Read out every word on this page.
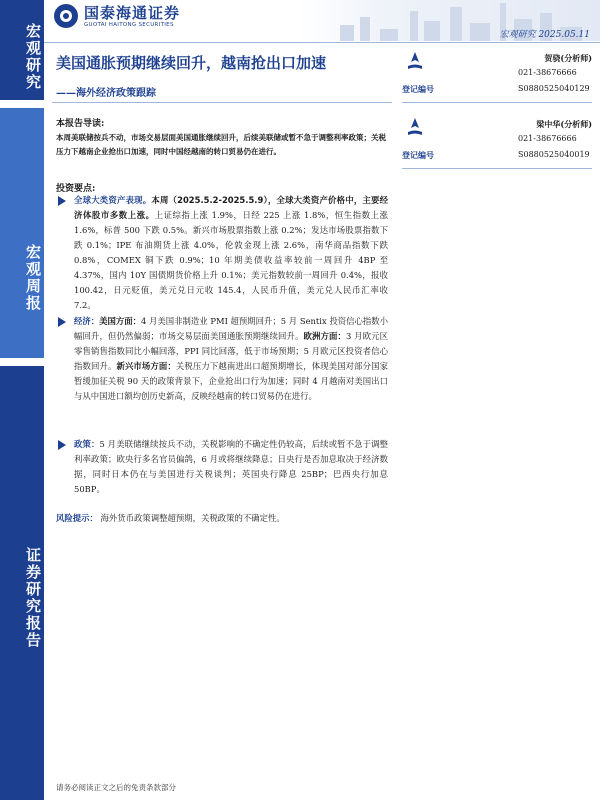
宏观研究
宏观周报
证券研究报告
国泰海通证券
GUOTAI HAITONG SECURITIES
宏观研究 2025.05.11
美国通胀预期继续回升，越南抢出口加速
——海外经济政策跟踪
贺骁(分析师)
021-38676666
登记编号	S0880525040129
梁中华(分析师)
021-38676666
登记编号	S0880525040019
本报告导读:
本周美联储按兵不动，市场交易层面美国通胀继续回升，后续美联储或暂不急于调整利率政策；关税压力下越南企业抢出口加速，同时中国经越南的转口贸易仍在进行。
投资要点:
全球大类资产表现。本周（2025.5.2-2025.5.9），全球大类资产价格中，主要经济体股市多数上涨。上证综指上涨 1.9%，日经 225 上涨 1.8%，恒生指数上涨 1.6%，标普 500 下跌 0.5%。新兴市场股票指数上涨 0.2%；发达市场股票指数下跌 0.1%；IPE 布油期货上涨 4.0%，伦敦金现上涨 2.6%，南华商品指数下跌 0.8%，COMEX 铜下跌 0.9%；10 年期美债收益率较前一周回升 4BP 至 4.37%，国内 10Y 国债期货价格上升 0.1%；美元指数较前一周回升 0.4%，报收 100.42，日元贬值，美元兑日元收 145.4，人民币升值，美元兑人民币汇率收 7.2。
经济：美国方面：4 月美国非制造业 PMI 超预期回升；5 月 Sentix 投资信心指数小幅回升，但仍然偏弱；市场交易层面美国通胀预期继续回升。欧洲方面：3 月欧元区零售销售指数同比小幅回落，PPI 同比回落，低于市场预期；5 月欧元区投资者信心指数回升。新兴市场方面：关税压力下越南进出口超预期增长，体现美国对部分国家暂缓加征关税 90 天的政策背景下，企业抢出口行为加速；同时 4 月越南对美国出口与从中国进口额均创历史新高，反映经越南的转口贸易仍在进行。
政策：5 月美联储继续按兵不动，关税影响的不确定性仍较高，后续或暂不急于调整利率政策；欧央行多名官员偏鸽，6 月或将继续降息；日央行是否加息取决于经济数据，同时日本仍在与美国进行关税谈判；英国央行降息 25BP；巴西央行加息 50BP。
风险提示： 海外货币政策调整超预期，关税政策的不确定性。
请务必阅读正文之后的免责条款部分
